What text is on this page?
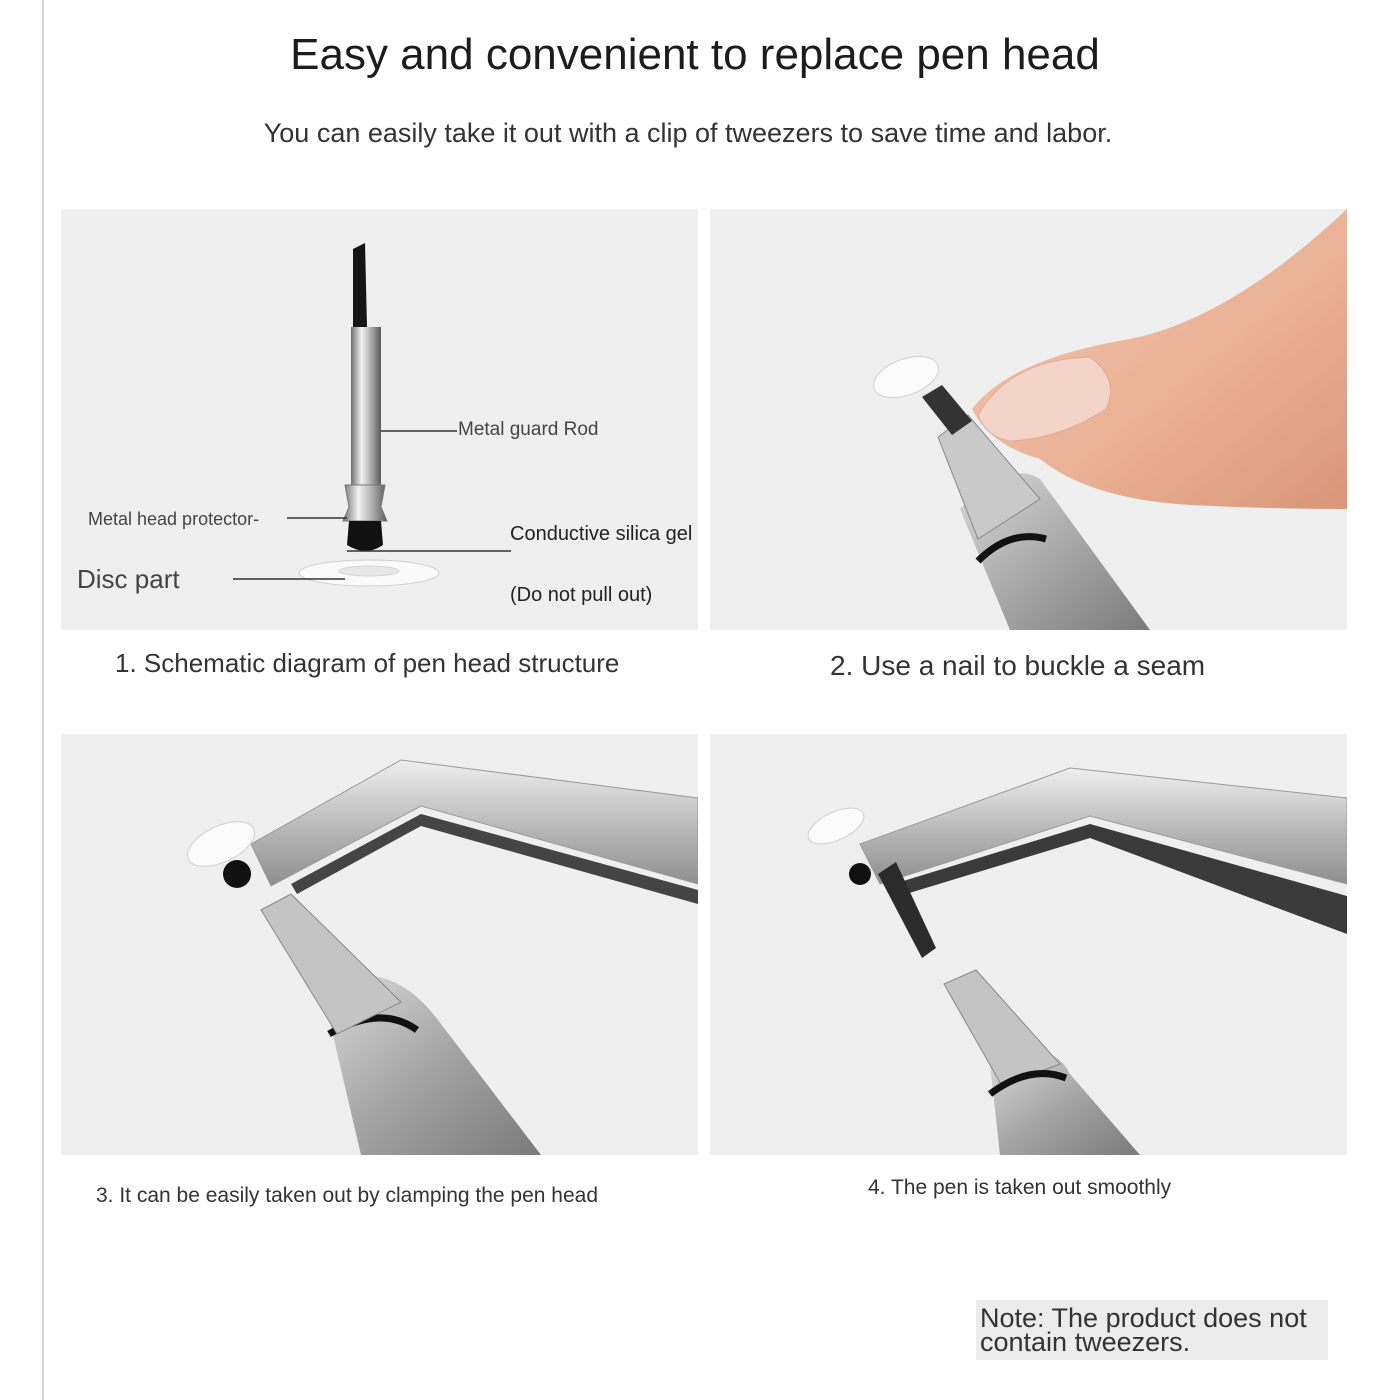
Easy and convenient to replace pen head
You can easily take it out with a clip of tweezers to save time and labor.
Metal guard Rod
Metal head protector-
Conductive silica gel
Disc part
(Do not pull out)
1. Schematic diagram of pen head structure	2. Use a nail to buckle a seam
3. It can be easily taken out by clamping the pen head	4. The pen is taken out smoothly
Note: The product does not
contain tweezers.
